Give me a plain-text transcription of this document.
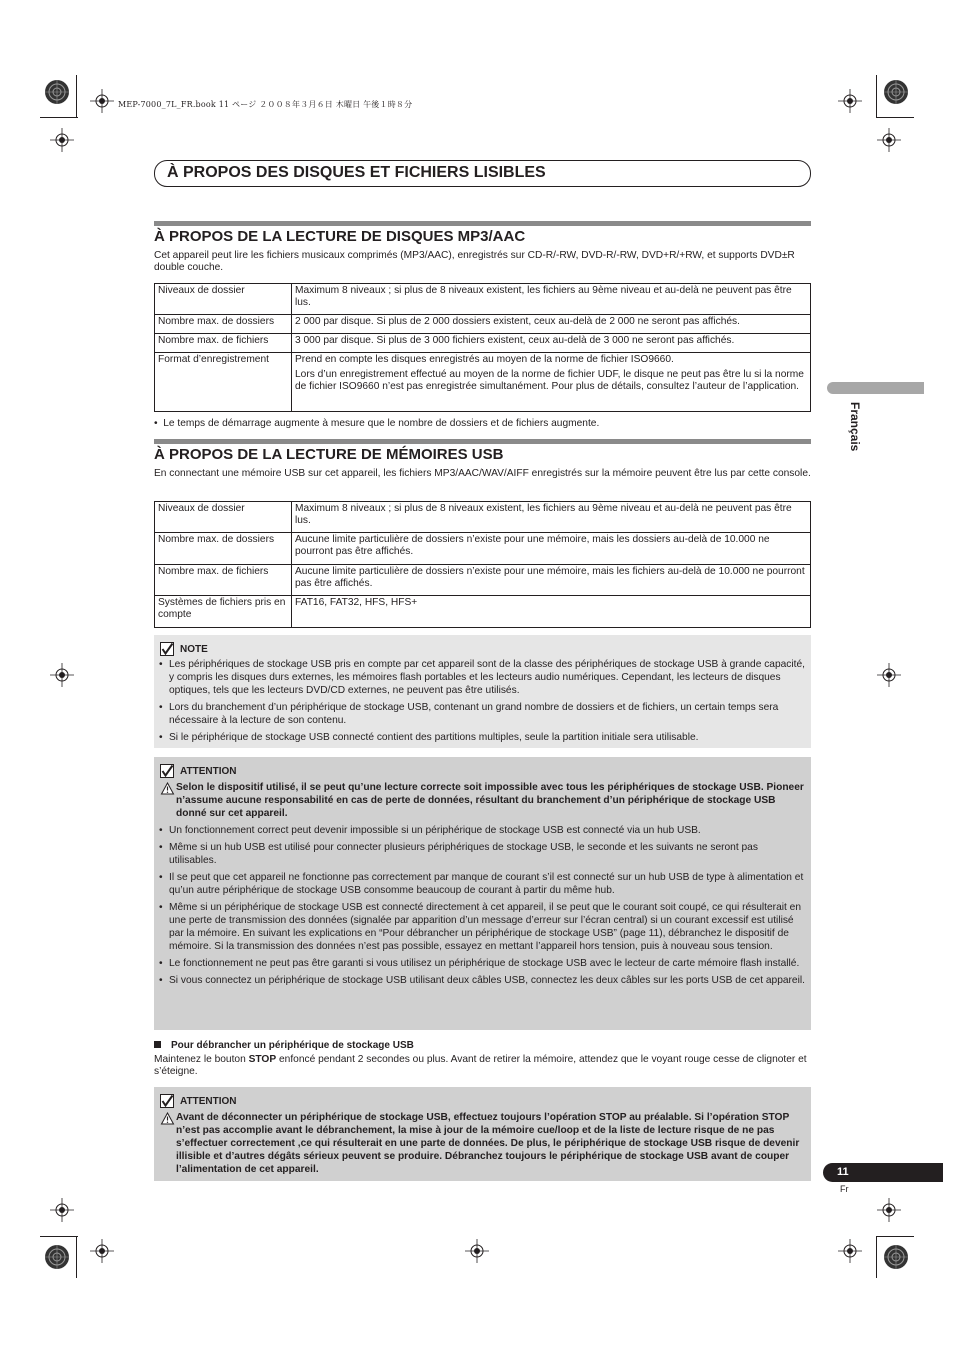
MEP-7000_7L_FR.book 11 ページ ２００８年３月６日 木曜日 午後１時８分
À PROPOS DES DISQUES ET FICHIERS LISIBLES
À PROPOS DE LA LECTURE DE DISQUES MP3/AAC
Cet appareil peut lire les fichiers musicaux comprimés (MP3/AAC), enregistrés sur CD-R/-RW, DVD-R/-RW, DVD+R/+RW, et supports DVD±R double couche.
Niveaux de dossier	Maximum 8 niveaux ; si plus de 8 niveaux existent, les fichiers au 9ème niveau et au-delà ne peuvent pas être lus.
Nombre max. de dossiers	2 000 par disque. Si plus de 2 000 dossiers existent, ceux au-delà de 2 000 ne seront pas affichés.
Nombre max. de fichiers	3 000 par disque. Si plus de 3 000 fichiers existent, ceux au-delà de 3 000 ne seront pas affichés.
Format d’enregistrement	Prend en compte les disques enregistrés au moyen de la norme de fichier ISO9660.

Lors d’un enregistrement effectué au moyen de la norme de fichier UDF, le disque ne peut pas être lu si la norme de fichier ISO9660 n’est pas enregistrée simultanément. Pour plus de détails, consultez l’auteur de l’application.

•  Le temps de démarrage augmente à mesure que le nombre de dossiers et de fichiers augmente.
À PROPOS DE LA LECTURE DE MÉMOIRES USB
En connectant une mémoire USB sur cet appareil, les fichiers MP3/AAC/WAV/AIFF enregistrés sur la mémoire peuvent être lus par cette console.
Niveaux de dossier	Maximum 8 niveaux ; si plus de 8 niveaux existent, les fichiers au 9ème niveau et au-delà ne peuvent pas être lus.
Nombre max. de dossiers	Aucune limite particulière de dossiers n’existe pour une mémoire, mais les dossiers au-delà de 10.000 ne pourront pas être affichés.
Nombre max. de fichiers	Aucune limite particulière de dossiers n’existe pour une mémoire, mais les fichiers au-delà de 10.000 ne pourront pas être affichés.
Systèmes de fichiers pris en compte	FAT16, FAT32, HFS, HFS+
NOTE
• Les périphériques de stockage USB pris en compte par cet appareil sont de la classe des périphériques de stockage USB à grande capacité, y compris les disques durs externes, les mémoires flash portables et les lecteurs audio numériques. Cependant, les lecteurs de disques optiques, tels que les lecteurs DVD/CD externes, ne peuvent pas être utilisés.
• Lors du branchement d’un périphérique de stockage USB, contenant un grand nombre de dossiers et de fichiers, un certain temps sera nécessaire à la lecture de son contenu.
• Si le périphérique de stockage USB connecté contient des partitions multiples, seule la partition initiale sera utilisable.
ATTENTION
Selon le dispositif utilisé, il se peut qu’une lecture correcte soit impossible avec tous les périphériques de stockage USB. Pioneer n’assume aucune responsabilité en cas de perte de données, résultant du branchement d’un périphérique de stockage USB donné sur cet appareil.
• Un fonctionnement correct peut devenir impossible si un périphérique de stockage USB est connecté via un hub USB.
• Même si un hub USB est utilisé pour connecter plusieurs périphériques de stockage USB, le seconde et les suivants ne seront pas utilisables.
• Il se peut que cet appareil ne fonctionne pas correctement par manque de courant s’il est connecté sur un hub USB de type à alimentation et qu’un autre périphérique de stockage USB consomme beaucoup de courant à partir du même hub.
• Même si un périphérique de stockage USB est connecté directement à cet appareil, il se peut que le courant soit coupé, ce qui résulterait en une perte de transmission des données (signalée par apparition d’un message d’erreur sur l’écran central) si un courant excessif est utilisé par la mémoire. En suivant les explications en “Pour débrancher un périphérique de stockage USB” (page 11), débranchez le dispositif de mémoire. Si la transmission des données n’est pas possible, essayez en mettant l’appareil hors tension, puis à nouveau sous tension.
• Le fonctionnement ne peut pas être garanti si vous utilisez un périphérique de stockage USB avec le lecteur de carte mémoire flash installé.
• Si vous connectez un périphérique de stockage USB utilisant deux câbles USB, connectez les deux câbles sur les ports USB de cet appareil.
Pour débrancher un périphérique de stockage USB
Maintenez le bouton STOP enfoncé pendant 2 secondes ou plus. Avant de retirer la mémoire, attendez que le voyant rouge cesse de clignoter et s’éteigne.
ATTENTION
Avant de déconnecter un périphérique de stockage USB, effectuez toujours l’opération STOP au préalable. Si l’opération STOP n’est pas accomplie avant le débranchement, la mise à jour de la mémoire cue/loop et de la liste de lecture risque de ne pas s’effectuer correctement ,ce qui résulterait en une parte de données. De plus, le périphérique de stockage USB risque de devenir illisible et d’autres dégâts sérieux peuvent se produire. Débranchez toujours le périphérique de stockage USB avant de couper l’alimentation de cet appareil.
Français
11
Fr
